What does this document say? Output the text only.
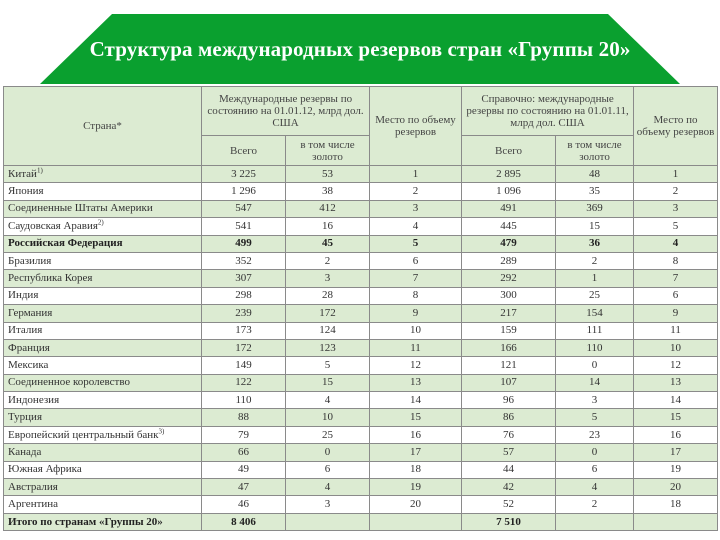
Структура международных резервов стран «Группы 20»
Страна*	Международные резервы по состоянию на 01.01.12, млрд дол. США		Место по объему резервов	Справочно: международные резервы по состоянию на 01.01.11, млрд дол. США		Место по объему резервов
	Всего	в том числе золото		Всего	в том числе золото	
Китай$^{1)}$	3 225	53	1	2 895	48	1
Япония	1 296	38	2	1 096	35	2
Соединенные Штаты Америки	547	412	3	491	369	3
Саудовская Аравия$^{2)}$	541	16	4	445	15	5
Российская Федерация	499	45	5	479	36	4
Бразилия	352	2	6	289	2	8
Республика Корея	307	3	7	292	1	7
Индия	298	28	8	300	25	6
Германия	239	172	9	217	154	9
Италия	173	124	10	159	111	11
Франция	172	123	11	166	110	10
Мексика	149	5	12	121	0	12
Соединенное королевство	122	15	13	107	14	13
Индонезия	110	4	14	96	3	14
Турция	88	10	15	86	5	15
Европейский центральный банк$^{3)}$	79	25	16	76	23	16
Канада	66	0	17	57	0	17
Южная Африка	49	6	18	44	6	19
Австралия	47	4	19	42	4	20
Аргентина	46	3	20	52	2	18
Итого по странам «Группы 20»	8 406			7 510		
